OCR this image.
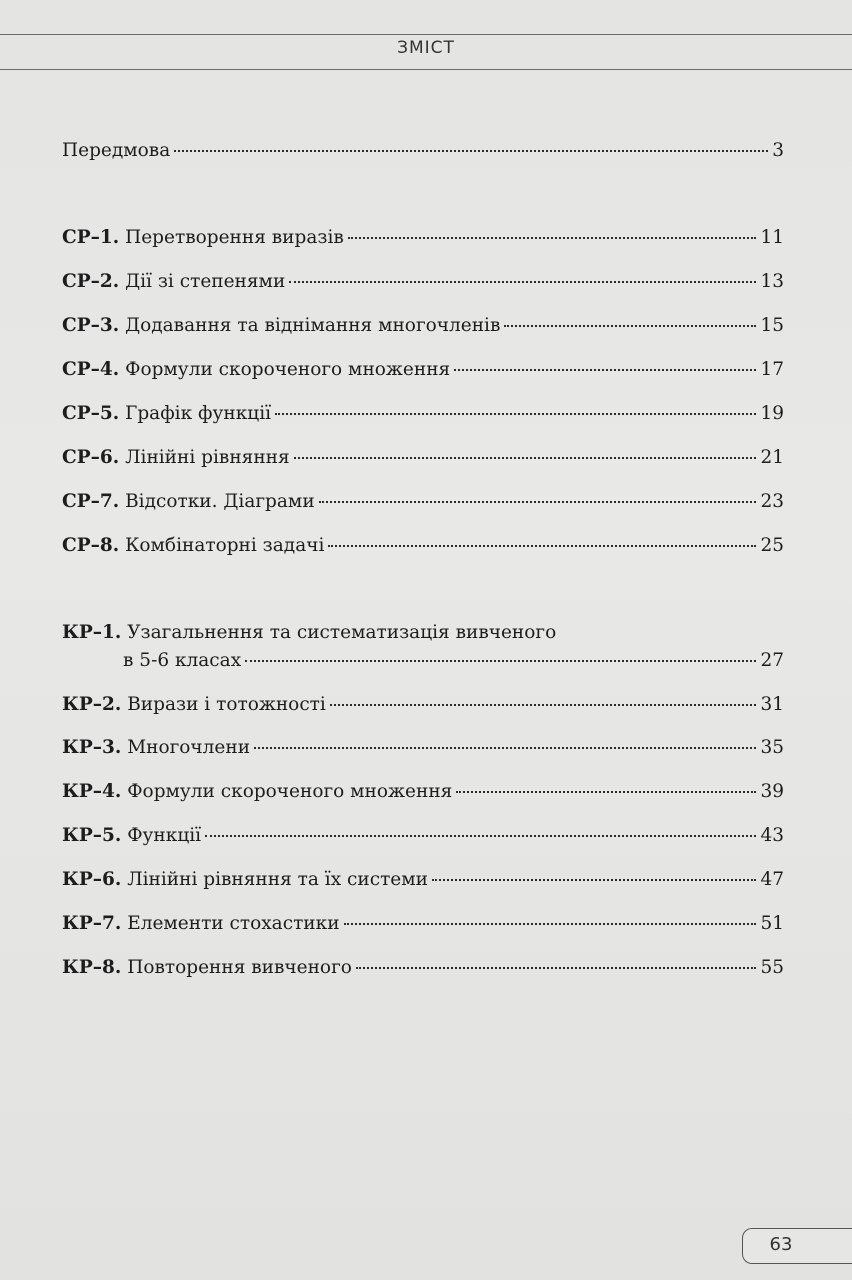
ЗМІСТ
Передмова	3
СР–1. Перетворення виразів	11
СР–2. Дії зі степенями	13
СР–3. Додавання та віднімання многочленів	15
СР–4. Формули скороченого множення	17
СР–5. Графік функції	19
СР–6. Лінійні рівняння	21
СР–7. Відсотки. Діаграми	23
СР–8. Комбінаторні задачі	25
КР–1. Узагальнення та систематизація вивченого
в 5-6 класах	27
КР–2. Вирази і тотожності	31
КР–3. Многочлени	35
КР–4. Формули скороченого множення	39
КР–5. Функції	43
КР–6. Лінійні рівняння та їх системи	47
КР–7. Елементи стохастики	51
КР–8. Повторення вивченого	55
63
